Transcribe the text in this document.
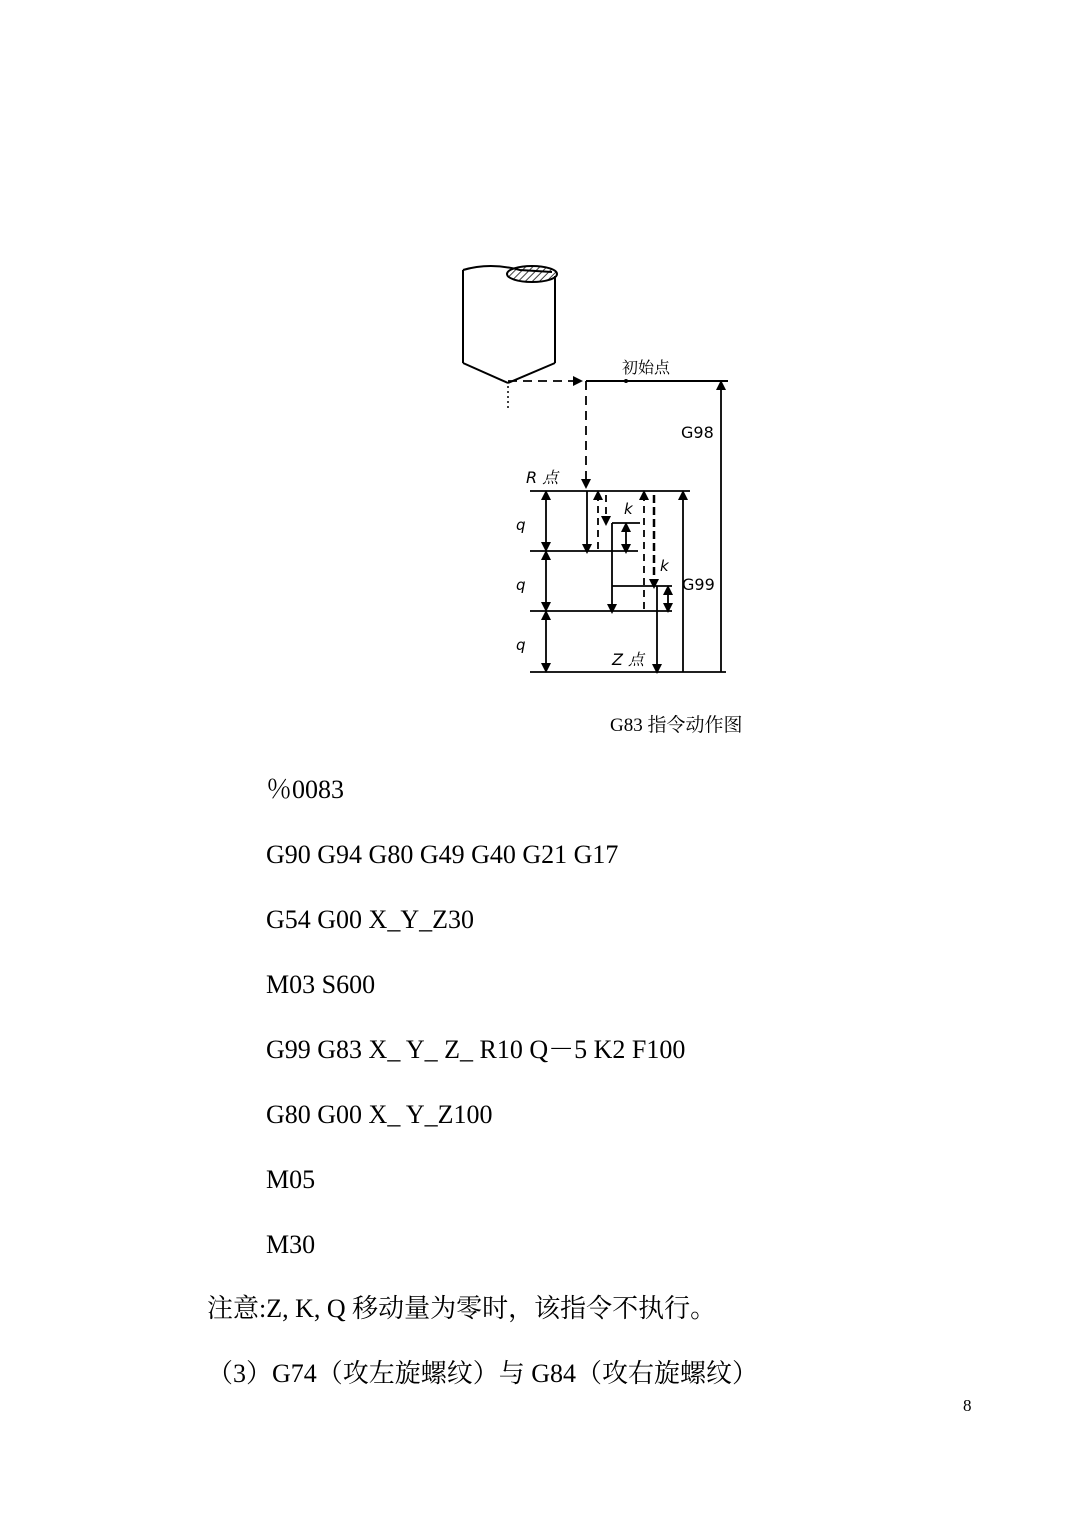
初始点
G98
R 点
q
q
q
k
k
G99
Z 点
G83 指令动作图
％0083
G90 G94 G80 G49 G40 G21 G17
G54 G00 X_Y_Z30
M03 S600
G99 G83 X_ Y_ Z_ R10 Q－5 K2 F100
G80 G00 X_ Y_Z100
M05
M30
注意:Z, K, Q 移动量为零时，该指令不执行。
（3）G74（攻左旋螺纹）与 G84（攻右旋螺纹）
8
